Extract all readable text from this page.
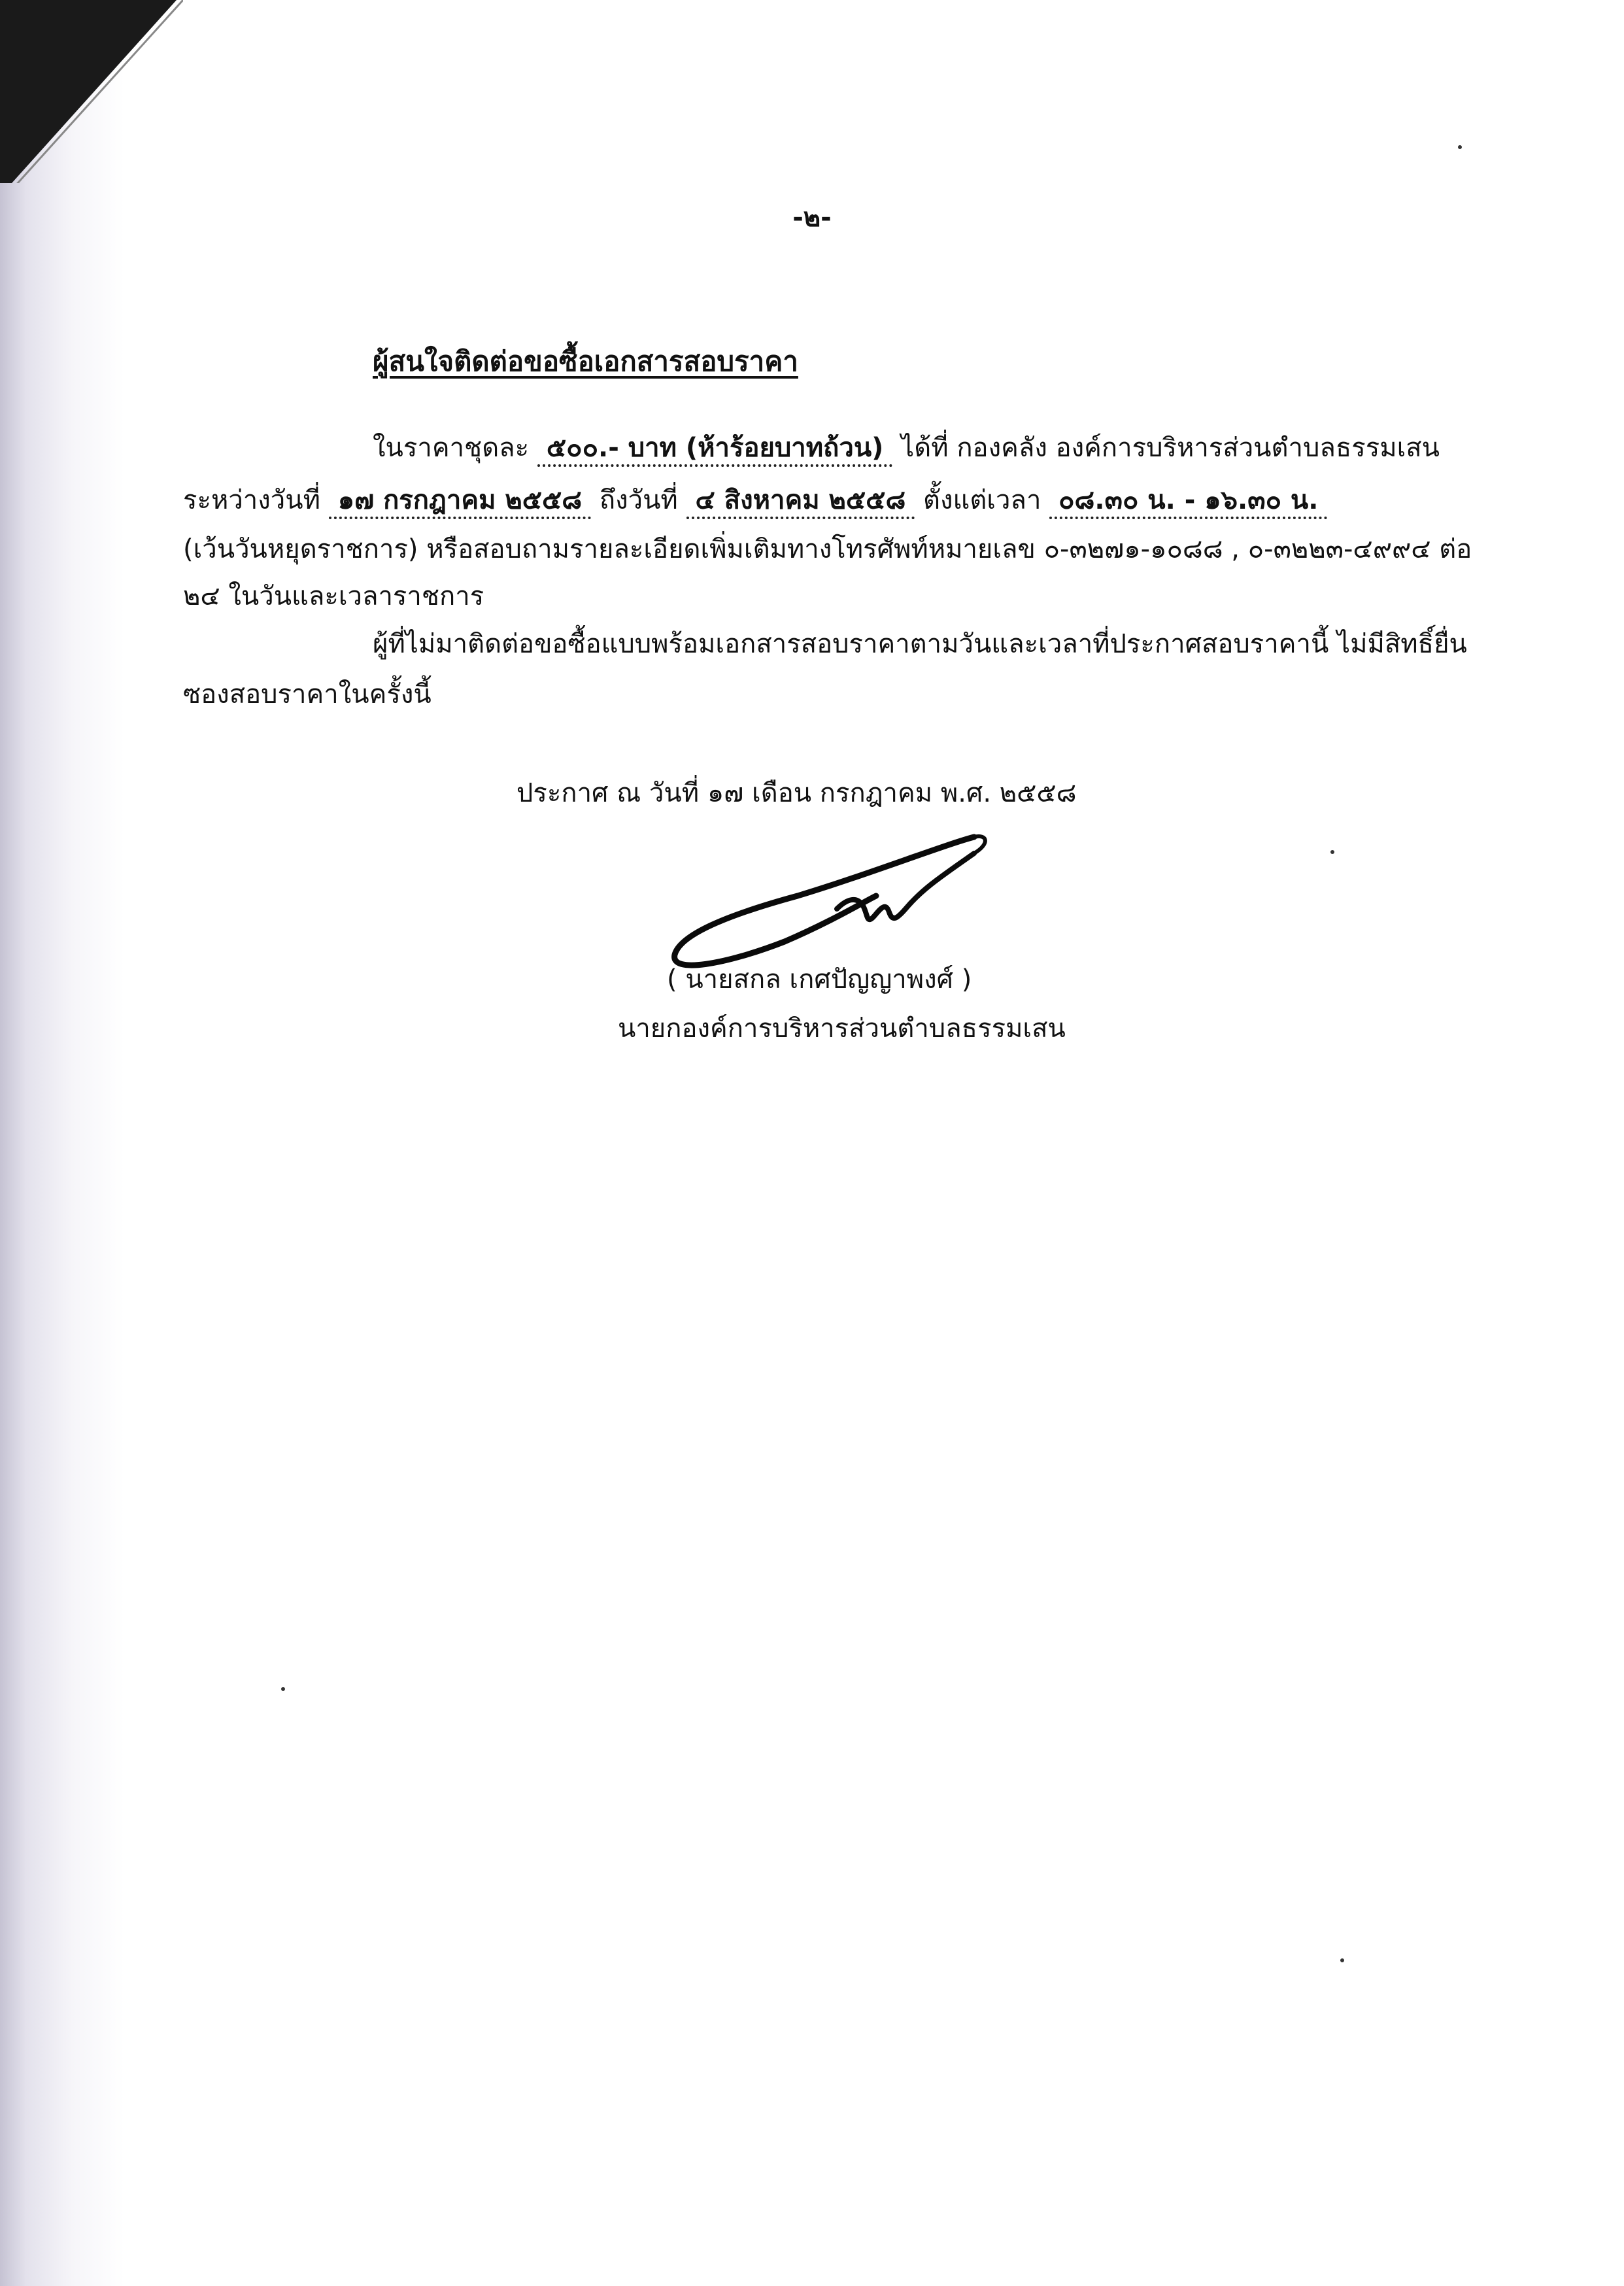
-๒-
ผู้สนใจติดต่อขอซื้อเอกสารสอบราคา
ในราคาชุดละ ๕๐๐.- บาท (ห้าร้อยบาทถ้วน) ได้ที่ กองคลัง องค์การบริหารส่วนตำบลธรรมเสน
ระหว่างวันที่ ๑๗ กรกฎาคม ๒๕๕๘ ถึงวันที่ ๔ สิงหาคม ๒๕๕๘ ตั้งแต่เวลา ๐๘.๓๐ น. - ๑๖.๓๐ น.
(เว้นวันหยุดราชการ) หรือสอบถามรายละเอียดเพิ่มเติมทางโทรศัพท์หมายเลข ๐-๓๒๗๑-๑๐๘๘ , ๐-๓๒๒๓-๔๙๙๔ ต่อ
๒๔ ในวันและเวลาราชการ
ผู้ที่ไม่มาติดต่อขอซื้อแบบพร้อมเอกสารสอบราคาตามวันและเวลาที่ประกาศสอบราคานี้ ไม่มีสิทธิ์ยื่น
ซองสอบราคาในครั้งนี้
ประกาศ ณ วันที่ ๑๗ เดือน กรกฎาคม พ.ศ. ๒๕๕๘
( นายสกล เกศปัญญาพงศ์ )
นายกองค์การบริหารส่วนตำบลธรรมเสน
